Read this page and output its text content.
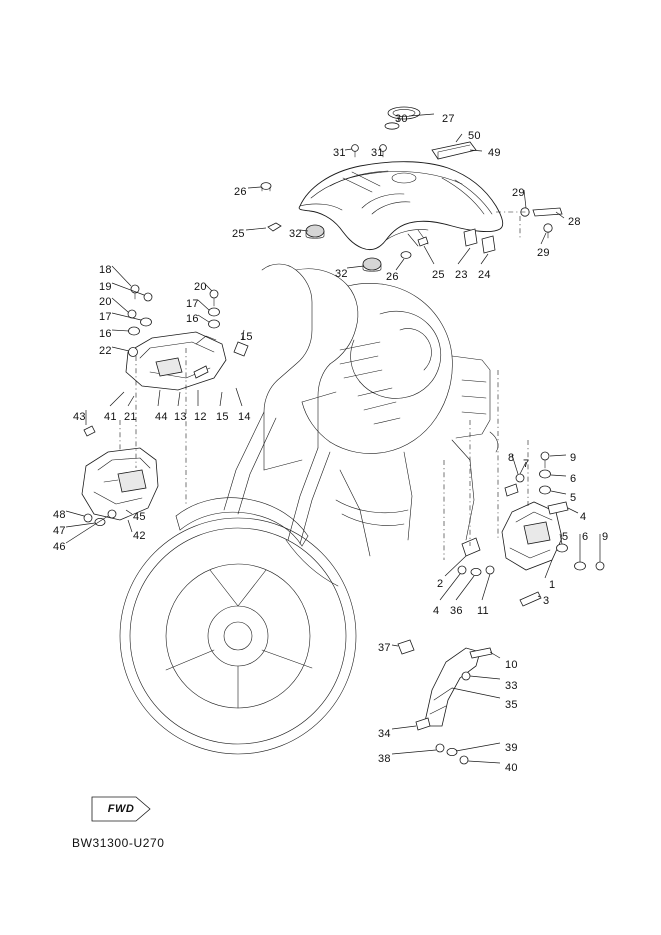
FWD
BW31300-U270
30	27
50
31 31	49
26	29
28
25	32
29
32	26	25 23 24
18
19	20
20
17
17
16
16	15
22
43 41 21 44 13 12 15 14
8 7	9
6
5
4
45
48
47	42
46
5 6 9
1
2
3
4 36 11
37
10
33
35
34
39
38
40
